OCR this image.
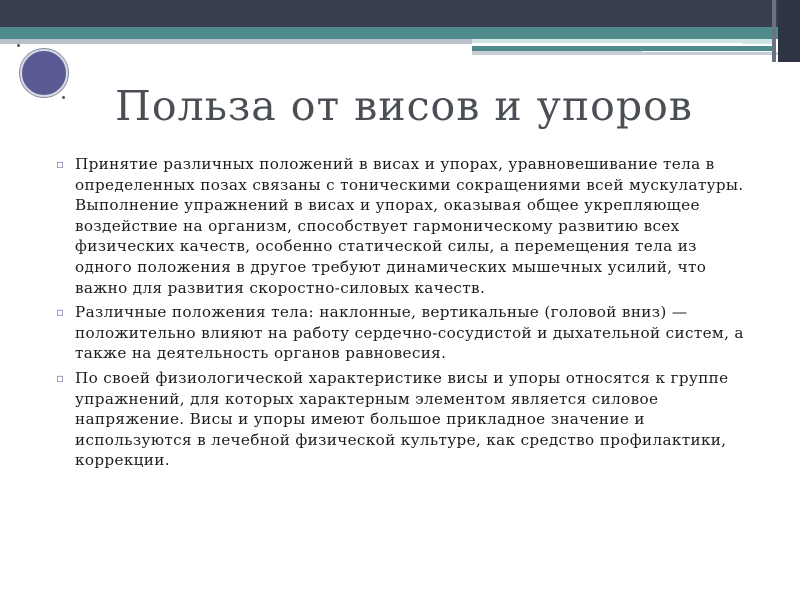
Польза от висов и упоров
▫ Принятие различных положений в висах и упорах, уравновешивание тела в определенных позах связаны с тоническими сокращениями всей мускулатуры. Выполнение упражнений в висах и упорах, оказывая общее укрепляющее воздействие на организм, способствует гармоническому развитию всех физических качеств, особенно статической силы, а перемещения тела из одного положения в другое требуют динамических мышечных усилий, что важно для развития скоростно-силовых качеств.
▫ Различные положения тела: наклонные, вертикальные (головой вниз) — положительно влияют на работу сердечно-сосудистой и дыхательной систем, а также на деятельность органов равновесия.
▫ По своей физиологической характеристике висы и упоры относятся к группе упражнений, для которых характерным элементом является силовое напряжение. Висы и упоры имеют большое прикладное значение и используются в лечебной физической культуре, как средство профилактики, коррекции.
